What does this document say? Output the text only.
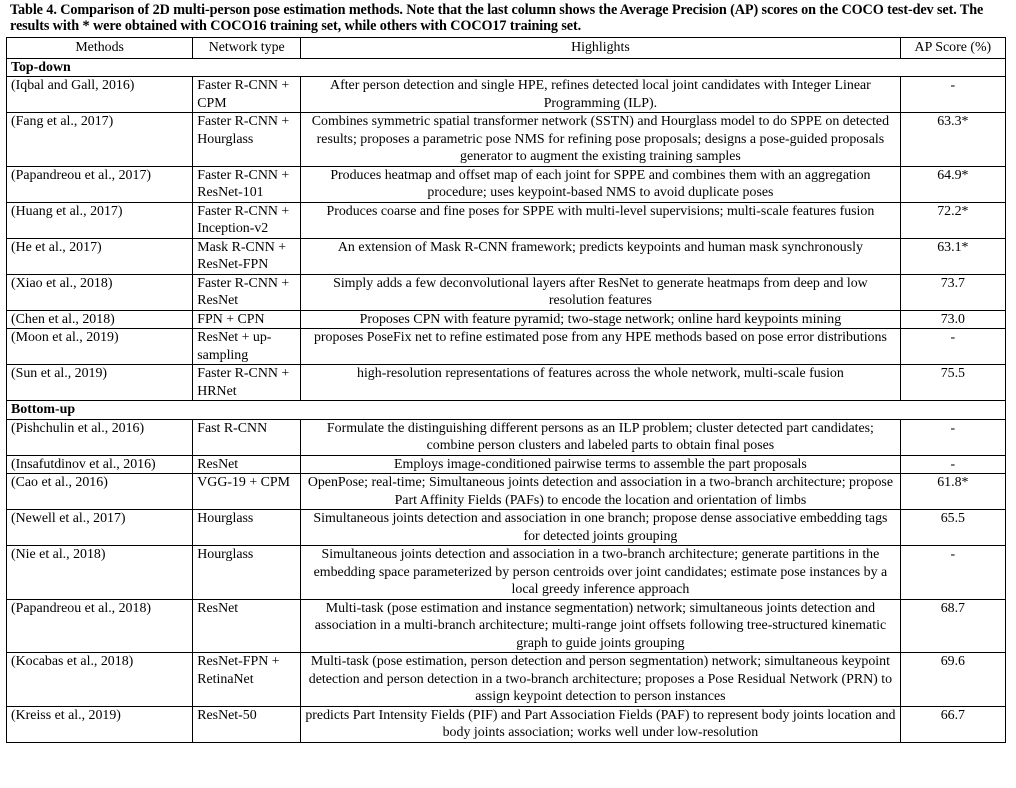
Table 4. Comparison of 2D multi-person pose estimation methods. Note that the last column shows the Average Precision (AP) scores on the COCO test-dev set. The results with * were obtained with COCO16 training set, while others with COCO17 training set.
Methods	Network type	Highlights	AP Score (%)
Top-down			
(Iqbal and Gall, 2016)	Faster R-CNN + CPM	After person detection and single HPE, refines detected local joint candidates with Integer Linear Programming (ILP).	-
(Fang et al., 2017)	Faster R-CNN + Hourglass	Combines symmetric spatial transformer network (SSTN) and Hourglass model to do SPPE on detected results; proposes a parametric pose NMS for refining pose proposals; designs a pose-guided proposals generator to augment the existing training samples	63.3*
(Papandreou et al., 2017)	Faster R-CNN + ResNet-101	Produces heatmap and offset map of each joint for SPPE and combines them with an aggregation procedure; uses keypoint-based NMS to avoid duplicate poses	64.9*
(Huang et al., 2017)	Faster R-CNN + Inception-v2	Produces coarse and fine poses for SPPE with multi-level supervisions; multi-scale features fusion	72.2*
(He et al., 2017)	Mask R-CNN + ResNet-FPN	An extension of Mask R-CNN framework; predicts keypoints and human mask synchronously	63.1*
(Xiao et al., 2018)	Faster R-CNN + ResNet	Simply adds a few deconvolutional layers after ResNet to generate heatmaps from deep and low resolution features	73.7
(Chen et al., 2018)	FPN + CPN	Proposes CPN with feature pyramid; two-stage network; online hard keypoints mining	73.0
(Moon et al., 2019)	ResNet + up-sampling	proposes PoseFix net to refine estimated pose from any HPE methods based on pose error distributions	-
(Sun et al., 2019)	Faster R-CNN + HRNet	high-resolution representations of features across the whole network, multi-scale fusion	75.5
Bottom-up			
(Pishchulin et al., 2016)	Fast R-CNN	Formulate the distinguishing different persons as an ILP problem; cluster detected part candidates; combine person clusters and labeled parts to obtain final poses	-
(Insafutdinov et al., 2016)	ResNet	Employs image-conditioned pairwise terms to assemble the part proposals	-
(Cao et al., 2016)	VGG-19 + CPM	OpenPose; real-time; Simultaneous joints detection and association in a two-branch architecture; propose Part Affinity Fields (PAFs) to encode the location and orientation of limbs	61.8*
(Newell et al., 2017)	Hourglass	Simultaneous joints detection and association in one branch; propose dense associative embedding tags for detected joints grouping	65.5
(Nie et al., 2018)	Hourglass	Simultaneous joints detection and association in a two-branch architecture; generate partitions in the embedding space parameterized by person centroids over joint candidates; estimate pose instances by a local greedy inference approach	-
(Papandreou et al., 2018)	ResNet	Multi-task (pose estimation and instance segmentation) network; simultaneous joints detection and association in a multi-branch architecture; multi-range joint offsets following tree-structured kinematic graph to guide joints grouping	68.7
(Kocabas et al., 2018)	ResNet-FPN + RetinaNet	Multi-task (pose estimation, person detection and person segmentation) network; simultaneous keypoint detection and person detection in a two-branch architecture; proposes a Pose Residual Network (PRN) to assign keypoint detection to person instances	69.6
(Kreiss et al., 2019)	ResNet-50	predicts Part Intensity Fields (PIF) and Part Association Fields (PAF) to represent body joints location and body joints association; works well under low-resolution	66.7
